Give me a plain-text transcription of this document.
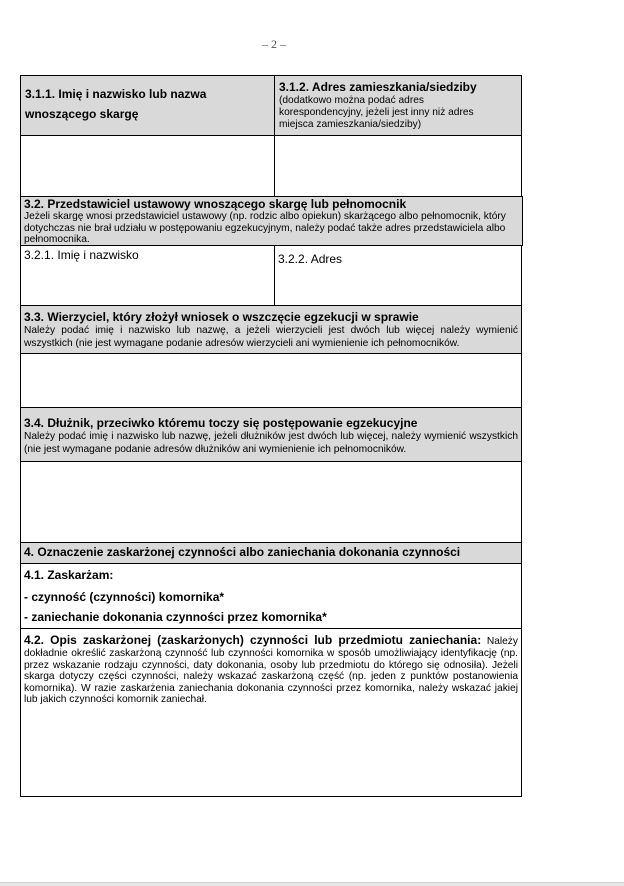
– 2 –

3.1.1. Imię i nazwisko lub nazwa wnoszącego skargę

3.1.2. Adres zamieszkania/siedziby

(dodatkowo można podać adres korespondencyjny, jeżeli jest inny niż adres miejsca zamieszkania/siedziby)

3.2. Przedstawiciel ustawowy wnoszącego skargę lub pełnomocnik

Jeżeli skargę wnosi przedstawiciel ustawowy (np. rodzic albo opiekun) skarżącego albo pełnomocnik, który dotychczas nie brał udziału w postępowaniu egzekucyjnym, należy podać także adres przedstawiciela albo pełnomocnika.

3.2.1. Imię i nazwisko	3.2.2. Adres

3.3. Wierzyciel, który złożył wniosek o wszczęcie egzekucji w sprawie

Należy podać imię i nazwisko lub nazwę, a jeżeli wierzycieli jest dwóch lub więcej należy wymienić wszystkich (nie jest wymagane podanie adresów wierzycieli ani wymienienie ich pełnomocników.

3.4. Dłużnik, przeciwko któremu toczy się postępowanie egzekucyjne

Należy podać imię i nazwisko lub nazwę, jeżeli dłużników jest dwóch lub więcej, należy wymienić wszystkich (nie jest wymagane podanie adresów dłużników ani wymienienie ich pełnomocników.

4. Oznaczenie zaskarżonej czynności albo zaniechania dokonania czynności

4.1. Zaskarżam:

- czynność (czynności) komornika*

- zaniechanie dokonania czynności przez komornika*

4.2. Opis zaskarżonej (zaskarżonych) czynności lub przedmiotu zaniechania: Należy dokładnie określić zaskarżoną czynność lub czynności komornika w sposób umożliwiający identyfikację (np. przez wskazanie rodzaju czynności, daty dokonania, osoby lub przedmiotu do którego się odnosiła). Jeżeli skarga dotyczy części czynności, należy wskazać zaskarżoną część (np. jeden z punktów postanowienia komornika). W razie zaskarżenia zaniechania dokonania czynności przez komornika, należy wskazać jakiej lub jakich czynności komornik zaniechał.
